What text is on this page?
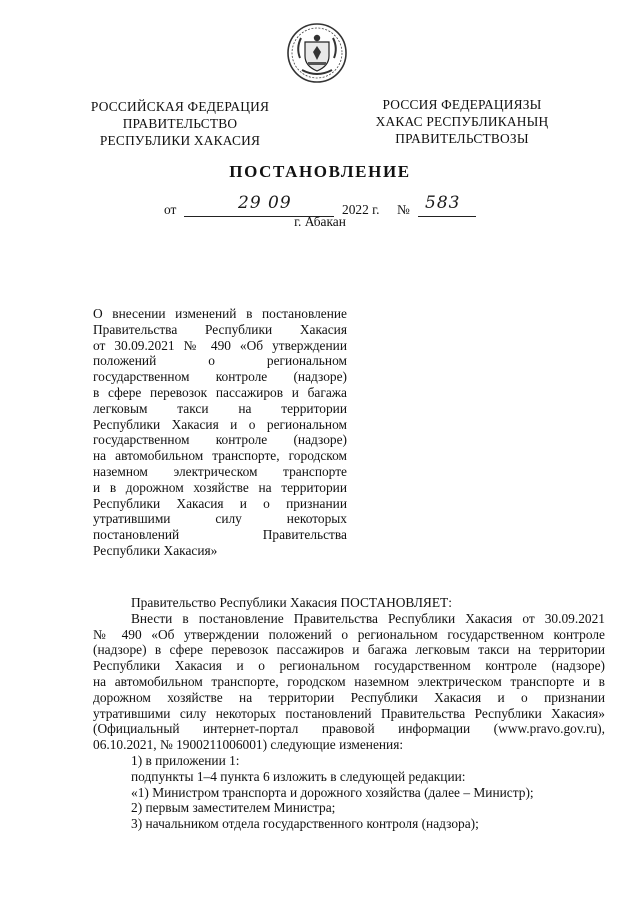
РОССИЙСКАЯ ФЕДЕРАЦИЯ
ПРАВИТЕЛЬСТВО
РЕСПУБЛИКИ ХАКАСИЯ
РОССИЯ ФЕДЕРАЦИЯЗЫ
ХАКАС РЕСПУБЛИКАНЫҢ
ПРАВИТЕЛЬСТВОЗЫ
ПОСТАНОВЛЕНИЕ
от	29 09	2022 г. № 583
г. Абакан
О внесении изменений в постановление
Правительства Республики Хакасия
от 30.09.2021 № 490 «Об утверждении
положений о региональном
государственном контроле (надзоре)
в сфере перевозок пассажиров и багажа
легковым такси на территории
Республики Хакасия и о региональном
государственном контроле (надзоре)
на автомобильном транспорте, городском
наземном электрическом транспорте
и в дорожном хозяйстве на территории
Республики Хакасия и о признании
утратившими силу некоторых
постановлений Правительства
Республики Хакасия»
Правительство Республики Хакасия ПОСТАНОВЛЯЕТ:
Внести в постановление Правительства Республики Хакасия от 30.09.2021
№ 490 «Об утверждении положений о региональном государственном контроле
(надзоре) в сфере перевозок пассажиров и багажа легковым такси на территории
Республики Хакасия и о региональном государственном контроле (надзоре)
на автомобильном транспорте, городском наземном электрическом транспорте и в
дорожном хозяйстве на территории Республики Хакасия и о признании
утратившими силу некоторых постановлений Правительства Республики Хакасия»
(Официальный интернет-портал правовой информации (www.pravo.gov.ru),
06.10.2021, № 1900211006001) следующие изменения:
1) в приложении 1:
подпункты 1–4 пункта 6 изложить в следующей редакции:
«1) Министром транспорта и дорожного хозяйства (далее – Министр);
2) первым заместителем Министра;
3) начальником отдела государственного контроля (надзора);
